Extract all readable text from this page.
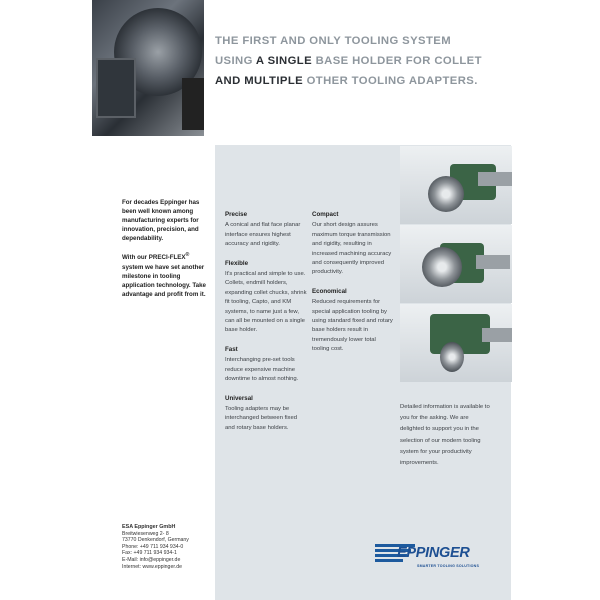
THE FIRST AND ONLY TOOLING SYSTEM
USING A SINGLE BASE HOLDER FOR COLLET
AND MULTIPLE OTHER TOOLING ADAPTERS.

For decades Eppinger has been well known among manufacturing experts for innovation, precision, and dependability.

With our PRECI-FLEX® system we have set another milestone in tooling application technology. Take advantage and profit from it.

Precise
A conical and flat face planar interface ensures highest accuracy and rigidity.
Flexible
It's practical and simple to use. Collets, endmill holders, expanding collet chucks, shrink fit tooling, Capto, and KM systems, to name just a few, can all be mounted on a single base holder.
Fast
Interchanging pre-set tools reduce expensive machine downtime to almost nothing.
Universal
Tooling adapters may be interchanged between fixed and rotary base holders.
Compact
Our short design assures maximum torque transmission and rigidity, resulting in increased machining accuracy and consequently improved productivity.
Economical
Reduced requirements for special application tooling by using standard fixed and rotary base holders result in tremendously lower total tooling cost.
Detailed information is available to you for the asking. We are delighted to support you in the selection of our modern tooling system for your productivity improvements.
ESA Eppinger GmbH
Breitwiesenweg 2- 8
73770 Denkendorf, Germany
Phone: +49 711 934 934-0
Fax: +49 711 934 934-1
E-Mail: info@eppinger.de
Internet: www.eppinger.de
EPPINGER
SMARTER TOOLING SOLUTIONS
